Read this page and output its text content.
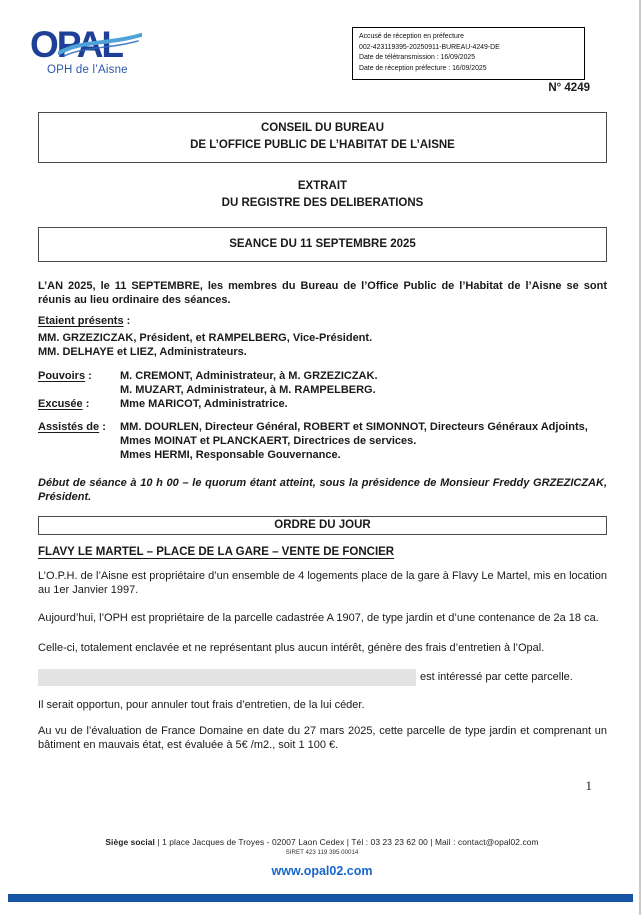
OPAL
OPH de l’Aisne
Accusé de réception en préfecture
002-423119395-20250911-BUREAU-4249-DE
Date de télétransmission : 16/09/2025
Date de réception préfecture : 16/09/2025
N° 4249
CONSEIL DU BUREAU
DE L’OFFICE PUBLIC DE L’HABITAT DE L’AISNE
EXTRAIT
DU REGISTRE DES DELIBERATIONS
SEANCE DU 11 SEPTEMBRE 2025

L’AN 2025, le 11 SEPTEMBRE, les membres du Bureau de l’Office Public de l’Habitat de l’Aisne se sont réunis au lieu ordinaire des séances.

Etaient présents :

MM. GRZEZICZAK, Président, et RAMPELBERG, Vice-Président.
MM. DELHAYE et LIEZ, Administrateurs.

Pouvoirs :	M. CREMONT, Administrateur, à M. GRZEZICZAK.
M. MUZART, Administrateur, à M. RAMPELBERG.
Excusée :	Mme MARICOT, Administratrice.
Assistés de :	MM. DOURLEN, Directeur Général, ROBERT et SIMONNOT, Directeurs Généraux Adjoints, Mmes MOINAT et PLANCKAERT, Directrices de services.
Mmes HERMI, Responsable Gouvernance.

Début de séance à 10 h 00 – le quorum étant atteint, sous la présidence de Monsieur Freddy GRZEZICZAK, Président.

ORDRE DU JOUR

FLAVY LE MARTEL – PLACE DE LA GARE – VENTE DE FONCIER

L’O.P.H. de l’Aisne est propriétaire d’un ensemble de 4 logements place de la gare à Flavy Le Martel, mis en location au 1er Janvier 1997.

Aujourd’hui, l’OPH est propriétaire de la parcelle cadastrée A 1907, de type jardin et d’une contenance de 2a 18 ca.

Celle-ci, totalement enclavée et ne représentant plus aucun intérêt, génère des frais d’entretien à l’Opal.

est intéressé par cette parcelle.

Il serait opportun, pour annuler tout frais d’entretien, de la lui céder.

Au vu de l’évaluation de France Domaine en date du 27 mars 2025, cette parcelle de type jardin et comprenant un bâtiment en mauvais état, est évaluée à 5€ /m2., soit 1 100 €.

1
Siège social | 1 place Jacques de Troyes - 02007 Laon Cedex | Tél : 03 23 23 62 00 | Mail : contact@opal02.com
SIRET 423 119 395 00014
www.opal02.com
